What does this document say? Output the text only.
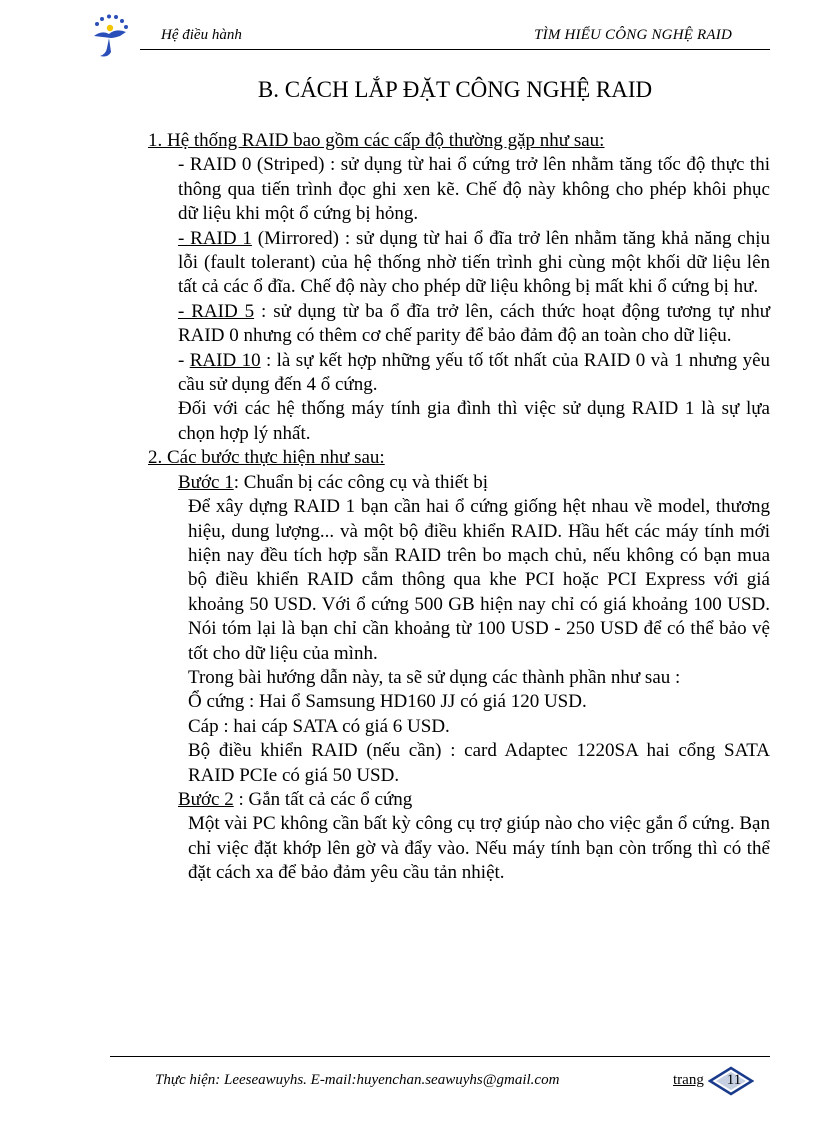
Hệ điều hành	TÌM HIỂU CÔNG NGHỆ RAID
B. CÁCH LẮP ĐẶT CÔNG NGHỆ RAID

1. Hệ thống RAID bao gồm các cấp độ thường gặp như sau:

- RAID 0 (Striped) : sử dụng từ hai ổ cứng trở lên nhằm tăng tốc độ thực thi thông qua tiến trình đọc ghi xen kẽ. Chế độ này không cho phép khôi phục dữ liệu khi một ổ cứng bị hỏng.

- RAID 1 (Mirrored) : sử dụng từ hai ổ đĩa trở lên nhằm tăng khả năng chịu lỗi (fault tolerant) của hệ thống nhờ tiến trình ghi cùng một khối dữ liệu lên tất cả các ổ đĩa. Chế độ này cho phép dữ liệu không bị mất khi ổ cứng bị hư.

- RAID 5 : sử dụng từ ba ổ đĩa trở lên, cách thức hoạt động tương tự như RAID 0 nhưng có thêm cơ chế parity để bảo đảm độ an toàn cho dữ liệu.

- RAID 10 : là sự kết hợp những yếu tố tốt nhất của RAID 0 và 1 nhưng yêu cầu sử dụng đến 4 ổ cứng.

Đối với các hệ thống máy tính gia đình thì việc sử dụng RAID 1 là sự lựa chọn hợp lý nhất.

2. Các bước thực hiện như sau:

Bước 1: Chuẩn bị các công cụ và thiết bị

Để xây dựng RAID 1 bạn cần hai ổ cứng giống hệt nhau về model, thương hiệu, dung lượng... và một bộ điều khiển RAID. Hầu hết các máy tính mới hiện nay đều tích hợp sẵn RAID trên bo mạch chủ, nếu không có bạn mua bộ điều khiển RAID cắm thông qua khe PCI hoặc PCI Express với giá khoảng 50 USD. Với ổ cứng 500 GB hiện nay chỉ có giá khoảng 100 USD. Nói tóm lại là bạn chỉ cần khoảng từ 100 USD - 250 USD để có thể bảo vệ tốt cho dữ liệu của mình.

Trong bài hướng dẫn này, ta sẽ sử dụng các thành phần như sau :

Ổ cứng : Hai ổ Samsung HD160 JJ có giá 120 USD.

Cáp : hai cáp SATA có giá 6 USD.

Bộ điều khiển RAID (nếu cần) : card Adaptec 1220SA hai cổng SATA RAID PCIe có giá 50 USD.

Bước 2 : Gắn tất cả các ổ cứng

Một vài PC không cần bất kỳ công cụ trợ giúp nào cho việc gắn ổ cứng. Bạn chỉ việc đặt khớp lên gờ và đẩy vào. Nếu máy tính bạn còn trống thì có thể đặt cách xa để bảo đảm yêu cầu tản nhiệt.

Thực hiện: Leeseawuyhs. E-mail:huyenchan.seawuyhs@gmail.com	trang	11
